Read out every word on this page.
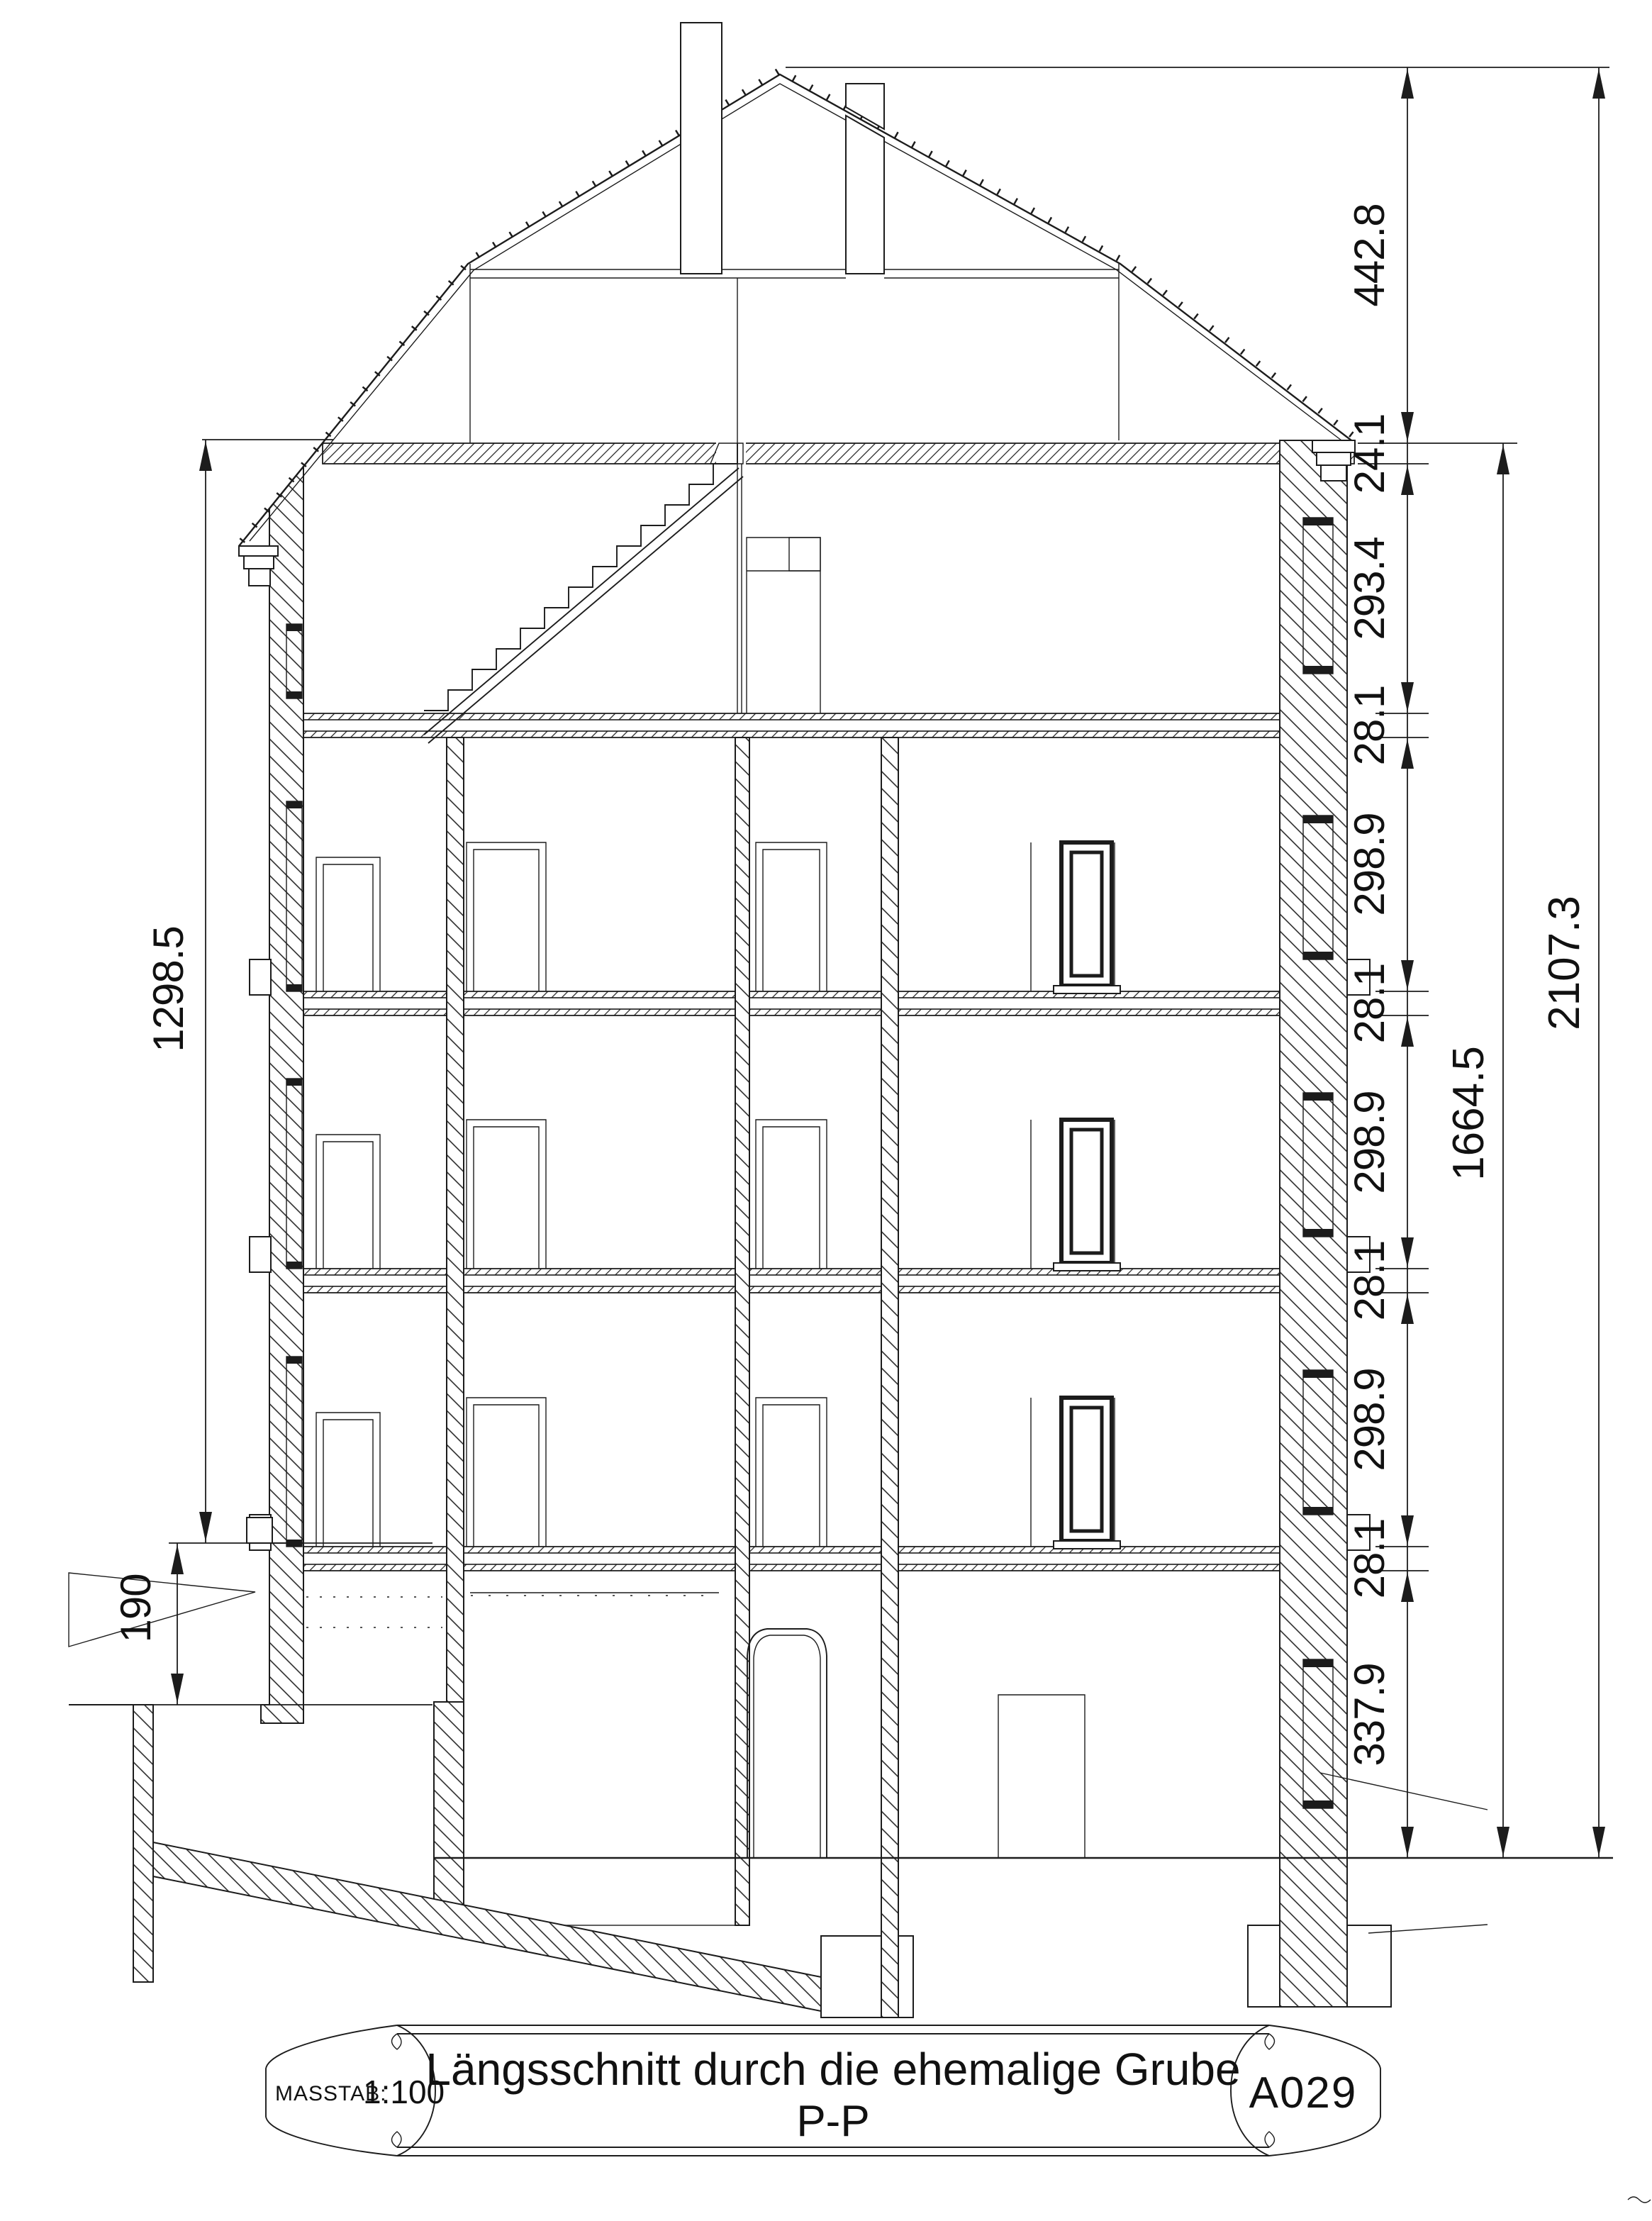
442.8
24.1
293.4
28.1
298.9
28.1
298.9
28.1
298.9
28.1
337.9
1664.5
2107.3
1298.5
190
MASSTAB:
1:100
Längsschnitt durch die ehemalige Grube
P-P
A029
